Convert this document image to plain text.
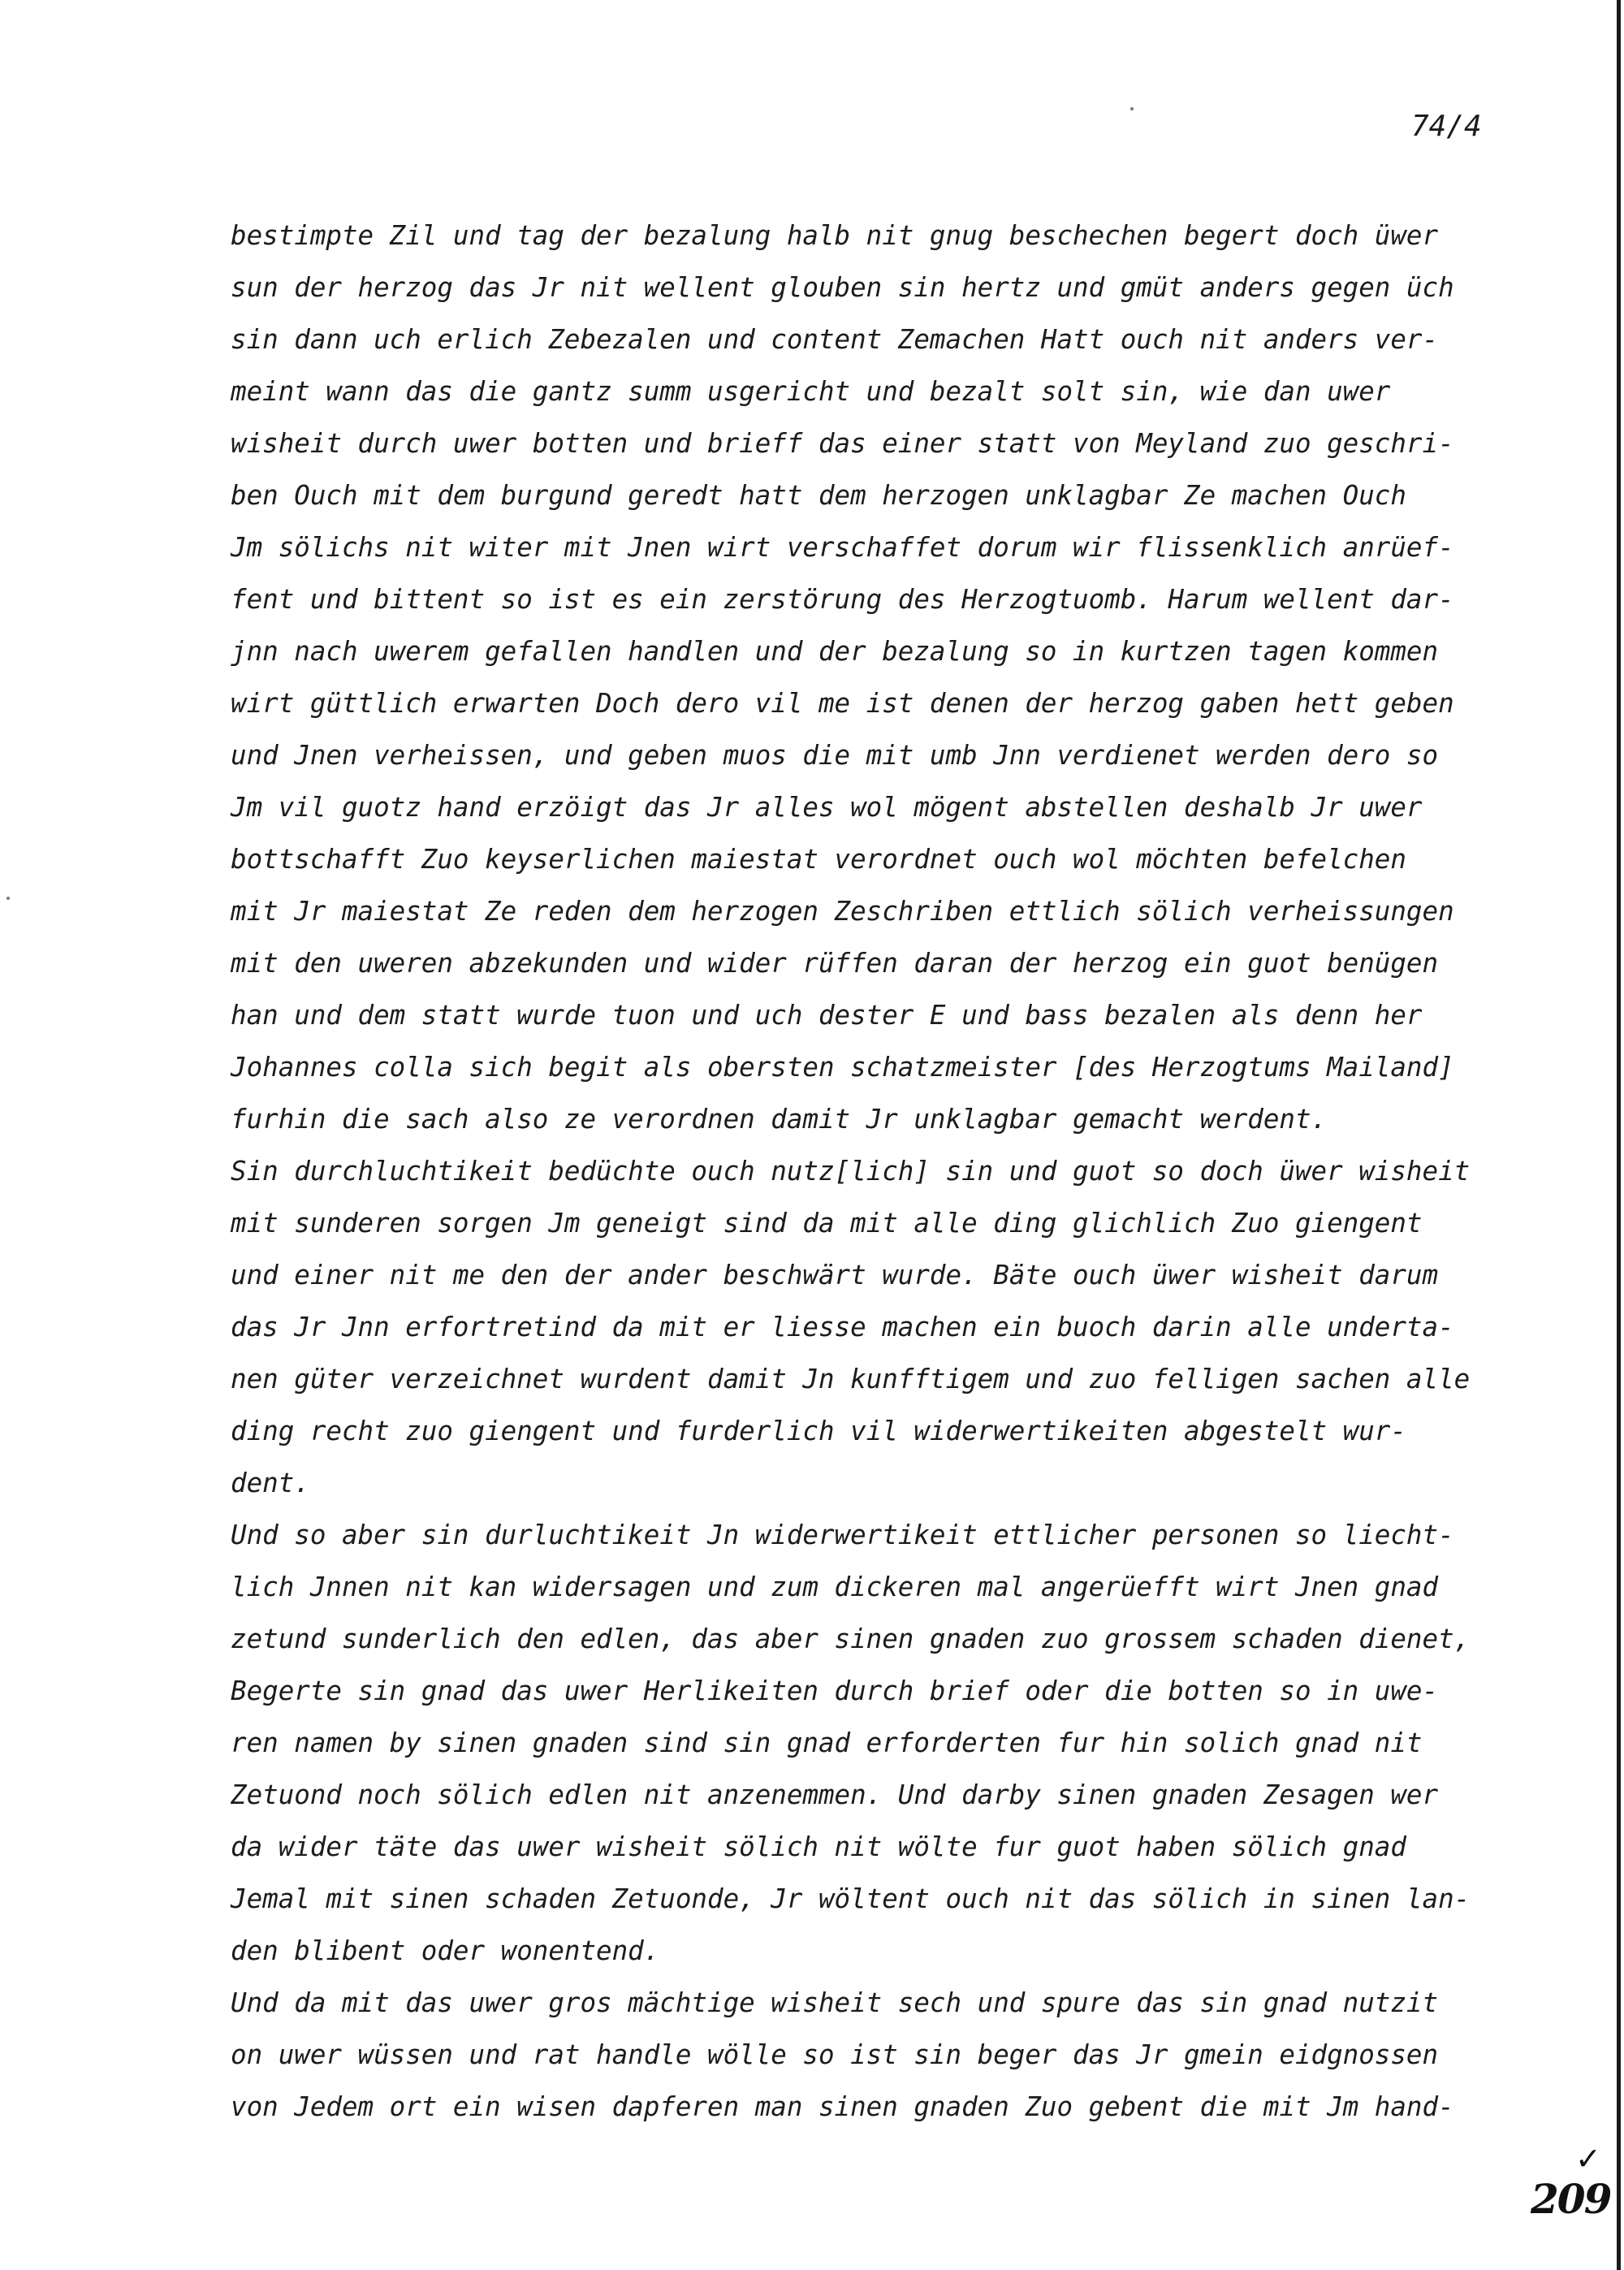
74/4
bestimpte Zil und tag der bezalung halb nit gnug beschechen begert doch üwer
sun der herzog das Jr nit wellent glouben sin hertz und gmüt anders gegen üch
sin dann uch erlich Zebezalen und content Zemachen Hatt ouch nit anders ver-
meint wann das die gantz summ usgericht und bezalt solt sin, wie dan uwer
wisheit durch uwer botten und brieff das einer statt von Meyland zuo geschri-
ben Ouch mit dem burgund geredt hatt dem herzogen unklagbar Ze machen Ouch
Jm sölichs nit witer mit Jnen wirt verschaffet dorum wir flissenklich anrüef-
fent und bittent so ist es ein zerstörung des Herzogtuomb. Harum wellent dar-
jnn nach uwerem gefallen handlen und der bezalung so in kurtzen tagen kommen
wirt güttlich erwarten Doch dero vil me ist denen der herzog gaben hett geben
und Jnen verheissen, und geben muos die mit umb Jnn verdienet werden dero so
Jm vil guotz hand erzöigt das Jr alles wol mögent abstellen deshalb Jr uwer
bottschafft Zuo keyserlichen maiestat verordnet ouch wol möchten befelchen
mit Jr maiestat Ze reden dem herzogen Zeschriben ettlich sölich verheissungen
mit den uweren abzekunden und wider rüffen daran der herzog ein guot benügen
han und dem statt wurde tuon und uch dester E und bass bezalen als denn her
Johannes colla sich begit als obersten schatzmeister [des Herzogtums Mailand]
furhin die sach also ze verordnen damit Jr unklagbar gemacht werdent.
Sin durchluchtikeit bedüchte ouch nutz[lich] sin und guot so doch üwer wisheit
mit sunderen sorgen Jm geneigt sind da mit alle ding glichlich Zuo giengent
und einer nit me den der ander beschwärt wurde. Bäte ouch üwer wisheit darum
das Jr Jnn erfortretind da mit er liesse machen ein buoch darin alle undertа-
nen güter verzeichnet wurdent damit Jn kunfftigem und zuo felligen sachen alle
ding recht zuo giengent und furderlich vil widerwertikeiten abgestelt wur-
dent.
Und so aber sin durluchtikeit Jn widerwertikeit ettlicher personen so liecht-
lich Jnnen nit kan widersagen und zum dickeren mal angerüefft wirt Jnen gnad
zetund sunderlich den edlen, das aber sinen gnaden zuo grossem schaden dienet,
Begerte sin gnad das uwer Herlikeiten durch brief oder die botten so in uwe-
ren namen by sinen gnaden sind sin gnad erforderten fur hin solich gnad nit
Zetuond noch sölich edlen nit anzenemmen. Und darby sinen gnaden Zesagen wer
da wider täte das uwer wisheit sölich nit wölte fur guot haben sölich gnad
Jemal mit sinen schaden Zetuonde, Jr wöltent ouch nit das sölich in sinen lan-
den blibent oder wonentend.
Und da mit das uwer gros mächtige wisheit sech und spure das sin gnad nutzit
on uwer wüssen und rat handle wölle so ist sin beger das Jr gmein eidgnossen
von Jedem ort ein wisen dapferen man sinen gnaden Zuo gebent die mit Jm hand-
✓
209
